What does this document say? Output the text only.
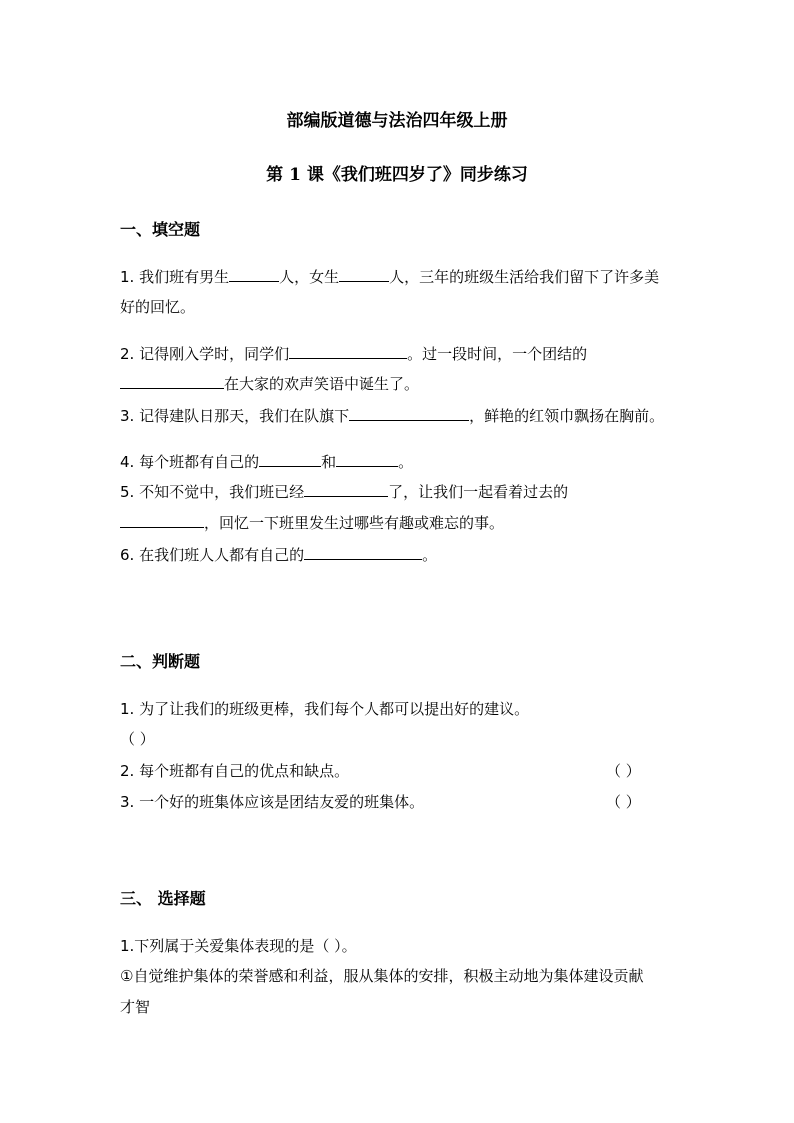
部编版道德与法治四年级上册
第 1 课《我们班四岁了》同步练习
一、填空题
1. 我们班有男生	人，女生	人，三年的班级生活给我们留下了许多美
好的回忆。
2. 记得刚入学时，同学们	。过一段时间，一个团结的
在大家的欢声笑语中诞生了。
3. 记得建队日那天，我们在队旗下	，鲜艳的红领巾飘扬在胸前。
4. 每个班都有自己的	和	。
5. 不知不觉中，我们班已经	了，让我们一起看着过去的
，回忆一下班里发生过哪些有趣或难忘的事。
6. 在我们班人人都有自己的	。
二、判断题
1. 为了让我们的班级更棒，我们每个人都可以提出好的建议。
（ ）
2. 每个班都有自己的优点和缺点。	（ ）
3. 一个好的班集体应该是团结友爱的班集体。	（ ）
三、 选择题
1.下列属于关爱集体表现的是（ ）。
①自觉维护集体的荣誉感和利益，服从集体的安排，积极主动地为集体建设贡献
才智
